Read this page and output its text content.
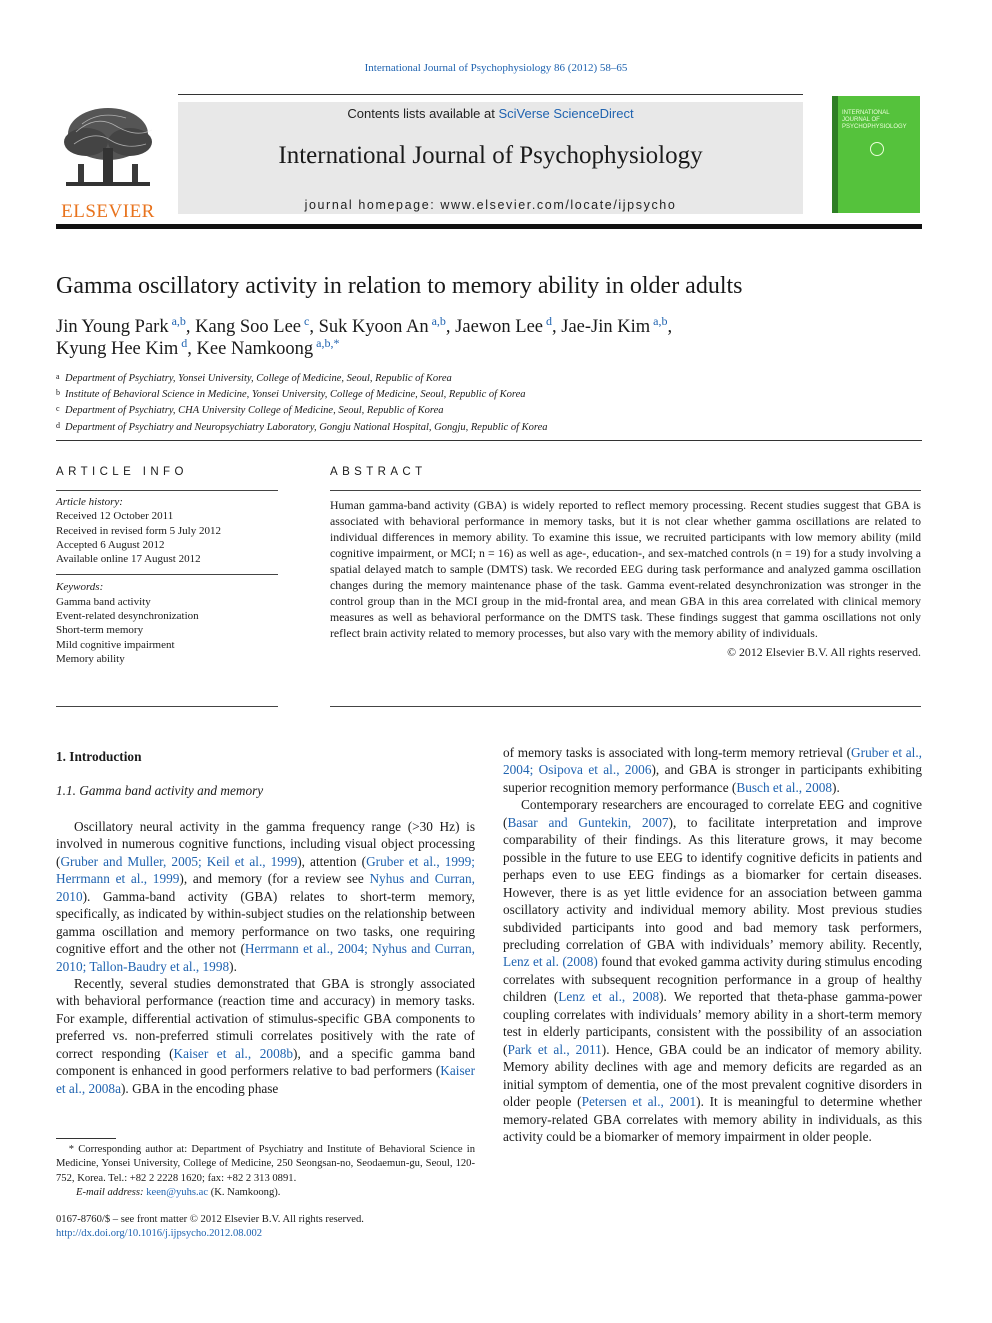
International Journal of Psychophysiology 86 (2012) 58–65
ELSEVIER
Contents lists available at SciVerse ScienceDirect
International Journal of Psychophysiology
journal homepage: www.elsevier.com/locate/ijpsycho
INTERNATIONAL JOURNAL OF PSYCHOPHYSIOLOGY
Gamma oscillatory activity in relation to memory ability in older adults
Jin Young Park $^{a,b}$, Kang Soo Lee $^c$, Suk Kyoon An $^{a,b}$, Jaewon Lee $^d$, Jae-Jin Kim $^{a,b}$,
Kyung Hee Kim $^d$, Kee Namkoong $^{a,b,*}$
a Department of Psychiatry, Yonsei University, College of Medicine, Seoul, Republic of Korea
b Institute of Behavioral Science in Medicine, Yonsei University, College of Medicine, Seoul, Republic of Korea
c Department of Psychiatry, CHA University College of Medicine, Seoul, Republic of Korea
d Department of Psychiatry and Neuropsychiatry Laboratory, Gongju National Hospital, Gongju, Republic of Korea
ARTICLE INFO
Article history:
Received 12 October 2011
Received in revised form 5 July 2012
Accepted 6 August 2012
Available online 17 August 2012
Keywords:
Gamma band activity
Event-related desynchronization
Short-term memory
Mild cognitive impairment
Memory ability
ABSTRACT

Human gamma-band activity (GBA) is widely reported to reflect memory processing. Recent studies suggest that GBA is associated with behavioral performance in memory tasks, but it is not clear whether gamma oscillations are related to individual differences in memory ability. To examine this issue, we recruited participants with low memory ability (mild cognitive impairment, or MCI; n = 16) as well as age-, education-, and sex-matched controls (n = 19) for a study involving a spatial delayed match to sample (DMTS) task. We recorded EEG during task performance and analyzed gamma oscillation changes during the memory maintenance phase of the task. Gamma event-related desynchronization was stronger in the control group than in the MCI group in the mid-frontal area, and mean GBA in this area correlated with clinical memory measures as well as behavioral performance on the DMTS task. These findings suggest that gamma oscillations not only reflect brain activity related to memory processes, but also vary with the memory ability of individuals.

© 2012 Elsevier B.V. All rights reserved.
1. Introduction
1.1. Gamma band activity and memory

Oscillatory neural activity in the gamma frequency range (>30 Hz) is involved in numerous cognitive functions, including visual object processing (Gruber and Muller, 2005; Keil et al., 1999), attention (Gruber et al., 1999; Herrmann et al., 1999), and memory (for a review see Nyhus and Curran, 2010). Gamma-band activity (GBA) relates to short-term memory, specifically, as indicated by within-subject studies on the relationship between gamma oscillation and memory performance on two tasks, one requiring cognitive effort and the other not (Herrmann et al., 2004; Nyhus and Curran, 2010; Tallon-Baudry et al., 1998).

Recently, several studies demonstrated that GBA is strongly associated with behavioral performance (reaction time and accuracy) in memory tasks. For example, differential activation of stimulus-specific GBA components to preferred vs. non-preferred stimuli correlates positively with the rate of correct responding (Kaiser et al., 2008b), and a specific gamma band component is enhanced in good performers relative to bad performers (Kaiser et al., 2008a). GBA in the encoding phase

of memory tasks is associated with long-term memory retrieval (Gruber et al., 2004; Osipova et al., 2006), and GBA is stronger in participants exhibiting superior recognition memory performance (Busch et al., 2008).

Contemporary researchers are encouraged to correlate EEG and cognitive (Basar and Guntekin, 2007), to facilitate interpretation and improve comparability of their findings. As this literature grows, it may become possible in the future to use EEG to identify cognitive deficits in patients and perhaps even to use EEG findings as a biomarker for certain diseases. However, there is as yet little evidence for an association between gamma oscillatory activity and individual memory ability. Most previous studies subdivided participants into good and bad memory task performers, precluding correlation of GBA with individuals’ memory ability. Recently, Lenz et al. (2008) found that evoked gamma activity during stimulus encoding correlates with subsequent recognition performance in a group of healthy children (Lenz et al., 2008). We reported that theta-phase gamma-power coupling correlates with individuals’ memory ability in a short-term memory test in elderly participants, consistent with the possibility of an association (Park et al., 2011). Hence, GBA could be an indicator of memory ability. Memory ability declines with age and memory deficits are regarded as an initial symptom of dementia, one of the most prevalent cognitive disorders in older people (Petersen et al., 2001). It is meaningful to determine whether memory-related GBA correlates with memory ability in individuals, as this activity could be a biomarker of memory impairment in older people.

* Corresponding author at: Department of Psychiatry and Institute of Behavioral Science in Medicine, Yonsei University, College of Medicine, 250 Seongsan-no, Seodaemun-gu, Seoul, 120-752, Korea. Tel.: +82 2 2228 1620; fax: +82 2 313 0891.
E-mail address: keen@yuhs.ac (K. Namkoong).
0167-8760/$ – see front matter © 2012 Elsevier B.V. All rights reserved.
http://dx.doi.org/10.1016/j.ijpsycho.2012.08.002
